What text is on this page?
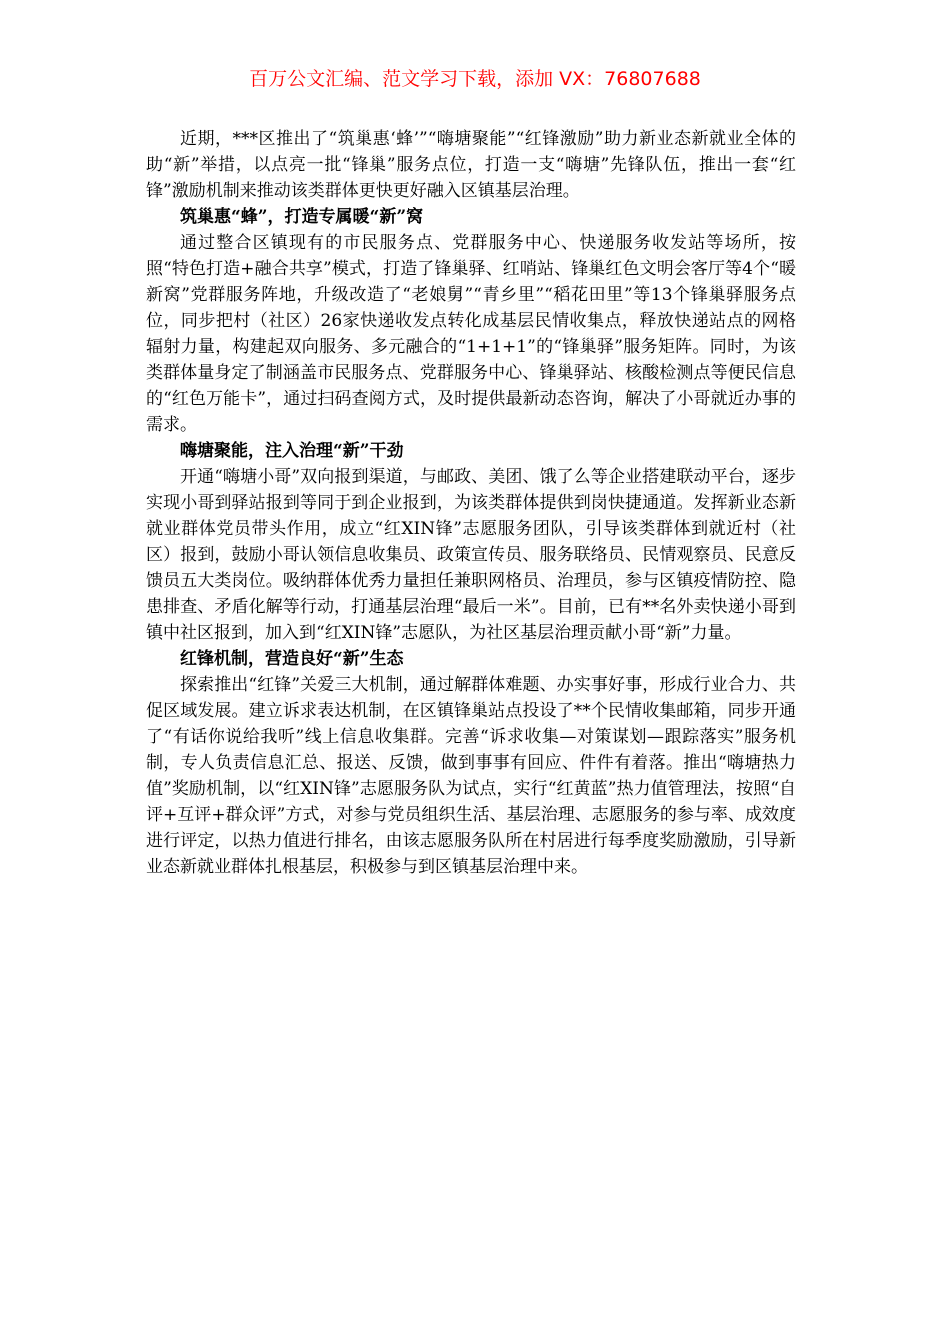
百万公文汇编、范文学习下载，添加 VX：76807688

近期，***区推出了“筑巢惠‘蜂’”“嗨塘聚能”“红锋激励”助力新业态新就业全体的助“新”举措，以点亮一批“锋巢”服务点位，打造一支“嗨塘”先锋队伍，推出一套“红锋”激励机制来推动该类群体更快更好融入区镇基层治理。

筑巢惠“蜂”，打造专属暖“新”窝

通过整合区镇现有的市民服务点、党群服务中心、快递服务收发站等场所，按照“特色打造+融合共享”模式，打造了锋巢驿、红哨站、锋巢红色文明会客厅等4个“暖新窝”党群服务阵地，升级改造了“老娘舅”“青乡里”“稻花田里”等13个锋巢驿服务点位，同步把村（社区）26家快递收发点转化成基层民情收集点，释放快递站点的网格辐射力量，构建起双向服务、多元融合的“1+1+1”的“锋巢驿”服务矩阵。同时，为该类群体量身定了制涵盖市民服务点、党群服务中心、锋巢驿站、核酸检测点等便民信息的“红色万能卡”，通过扫码查阅方式，及时提供最新动态咨询，解决了小哥就近办事的需求。

嗨塘聚能，注入治理“新”干劲

开通“嗨塘小哥”双向报到渠道，与邮政、美团、饿了么等企业搭建联动平台，逐步实现小哥到驿站报到等同于到企业报到，为该类群体提供到岗快捷通道。发挥新业态新就业群体党员带头作用，成立“红XIN锋”志愿服务团队，引导该类群体到就近村（社区）报到，鼓励小哥认领信息收集员、政策宣传员、服务联络员、民情观察员、民意反馈员五大类岗位。吸纳群体优秀力量担任兼职网格员、治理员，参与区镇疫情防控、隐患排查、矛盾化解等行动，打通基层治理“最后一米”。目前，已有**名外卖快递小哥到镇中社区报到，加入到“红XIN锋”志愿队，为社区基层治理贡献小哥“新”力量。

红锋机制，营造良好“新”生态

探索推出“红锋”关爱三大机制，通过解群体难题、办实事好事，形成行业合力、共促区域发展。建立诉求表达机制，在区镇锋巢站点投设了**个民情收集邮箱，同步开通了“有话你说给我听”线上信息收集群。完善“诉求收集—对策谋划—跟踪落实”服务机制，专人负责信息汇总、报送、反馈，做到事事有回应、件件有着落。推出“嗨塘热力值”奖励机制，以“红XIN锋”志愿服务队为试点，实行“红黄蓝”热力值管理法，按照“自评+互评+群众评”方式，对参与党员组织生活、基层治理、志愿服务的参与率、成效度进行评定，以热力值进行排名，由该志愿服务队所在村居进行每季度奖励激励，引导新业态新就业群体扎根基层，积极参与到区镇基层治理中来。
